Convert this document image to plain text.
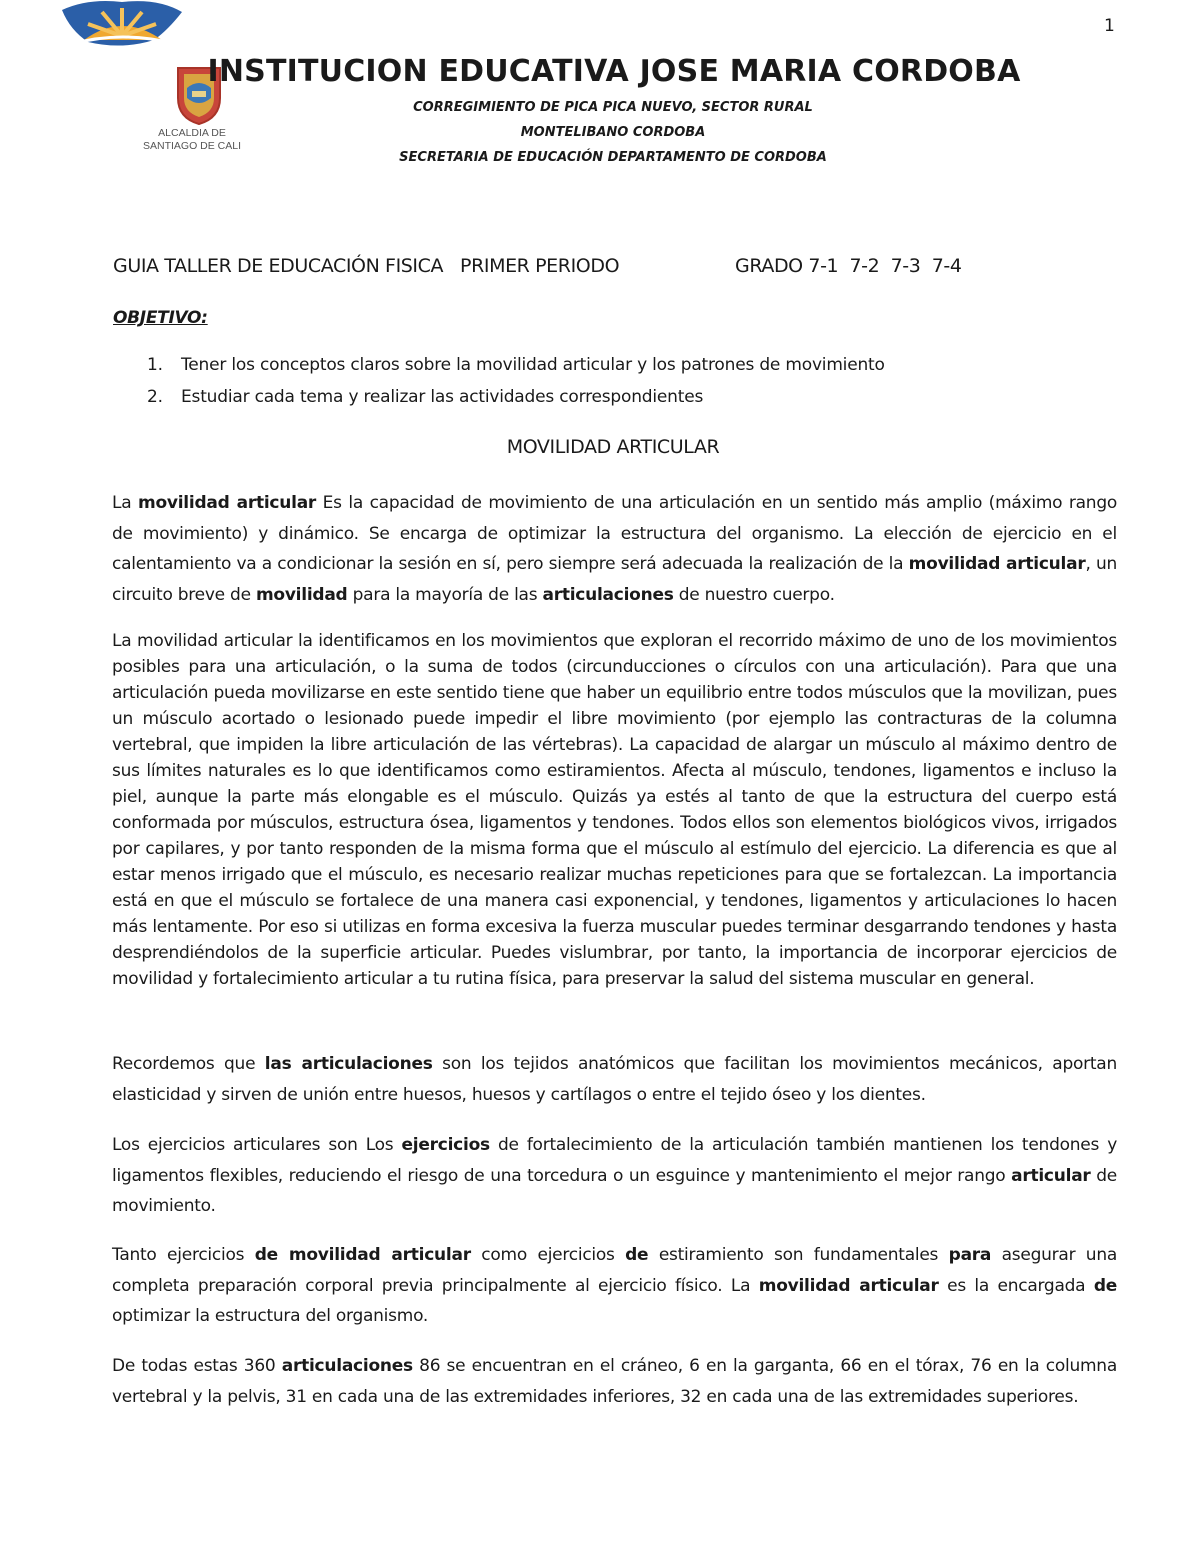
1
ALCALDIA DE
SANTIAGO DE CALI
INSTITUCION EDUCATIVA JOSE MARIA CORDOBA
CORREGIMIENTO DE PICA PICA NUEVO, SECTOR RURAL
MONTELIBANO CORDOBA
SECRETARIA DE EDUCACIÓN DEPARTAMENTO DE CORDOBA
GUIA TALLER DE EDUCACIÓN FISICA   PRIMER PERIODO	GRADO 7-1  7-2  7-3  7-4
OBJETIVO:
1.	Tener los conceptos claros sobre la movilidad articular y los patrones de movimiento
2.	Estudiar cada tema y realizar las actividades correspondientes
MOVILIDAD ARTICULAR

La movilidad articular Es la capacidad de movimiento de una articulación en un sentido más amplio (máximo rango de movimiento) y dinámico. Se encarga de optimizar la estructura del organismo. La elección de ejercicio en el calentamiento va a condicionar la sesión en sí, pero siempre será adecuada la realización de la movilidad articular, un circuito breve de movilidad para la mayoría de las articulaciones de nuestro cuerpo.

La movilidad articular la identificamos en los movimientos que exploran el recorrido máximo de uno de los movimientos posibles para una articulación, o la suma de todos (circunducciones o círculos con una articulación). Para que una articulación pueda movilizarse en este sentido tiene que haber un equilibrio entre todos músculos que la movilizan, pues un músculo acortado o lesionado puede impedir el libre movimiento (por ejemplo las contracturas de la columna vertebral, que impiden la libre articulación de las vértebras). La capacidad de alargar un músculo al máximo dentro de sus límites naturales es lo que identificamos como estiramientos. Afecta al músculo, tendones, ligamentos e incluso la piel, aunque la parte más elongable es el músculo. Quizás ya estés al tanto de que la estructura del cuerpo está conformada por músculos, estructura ósea, ligamentos y tendones. Todos ellos son elementos biológicos vivos, irrigados por capilares, y por tanto responden de la misma forma que el músculo al estímulo del ejercicio. La diferencia es que al estar menos irrigado que el músculo, es necesario realizar muchas repeticiones para que se fortalezcan. La importancia está en que el músculo se fortalece de una manera casi exponencial, y tendones, ligamentos y articulaciones lo hacen más lentamente. Por eso si utilizas en forma excesiva la fuerza muscular puedes terminar desgarrando tendones y hasta desprendiéndolos de la superficie articular. Puedes vislumbrar, por tanto, la importancia de incorporar ejercicios de movilidad y fortalecimiento articular a tu rutina física, para preservar la salud del sistema muscular en general.

Recordemos que las articulaciones son los tejidos anatómicos que facilitan los movimientos mecánicos, aportan elasticidad y sirven de unión entre huesos, huesos y cartílagos o entre el tejido óseo y los dientes.

Los ejercicios articulares son Los ejercicios de fortalecimiento de la articulación también mantienen los tendones y ligamentos flexibles, reduciendo el riesgo de una torcedura o un esguince y mantenimiento el mejor rango articular de movimiento.

Tanto ejercicios de movilidad articular como ejercicios de estiramiento son fundamentales para asegurar una completa preparación corporal previa principalmente al ejercicio físico. La movilidad articular es la encargada de optimizar la estructura del organismo.

De todas estas 360 articulaciones 86 se encuentran en el cráneo, 6 en la garganta, 66 en el tórax, 76 en la columna vertebral y la pelvis, 31 en cada una de las extremidades inferiores, 32 en cada una de las extremidades superiores.
